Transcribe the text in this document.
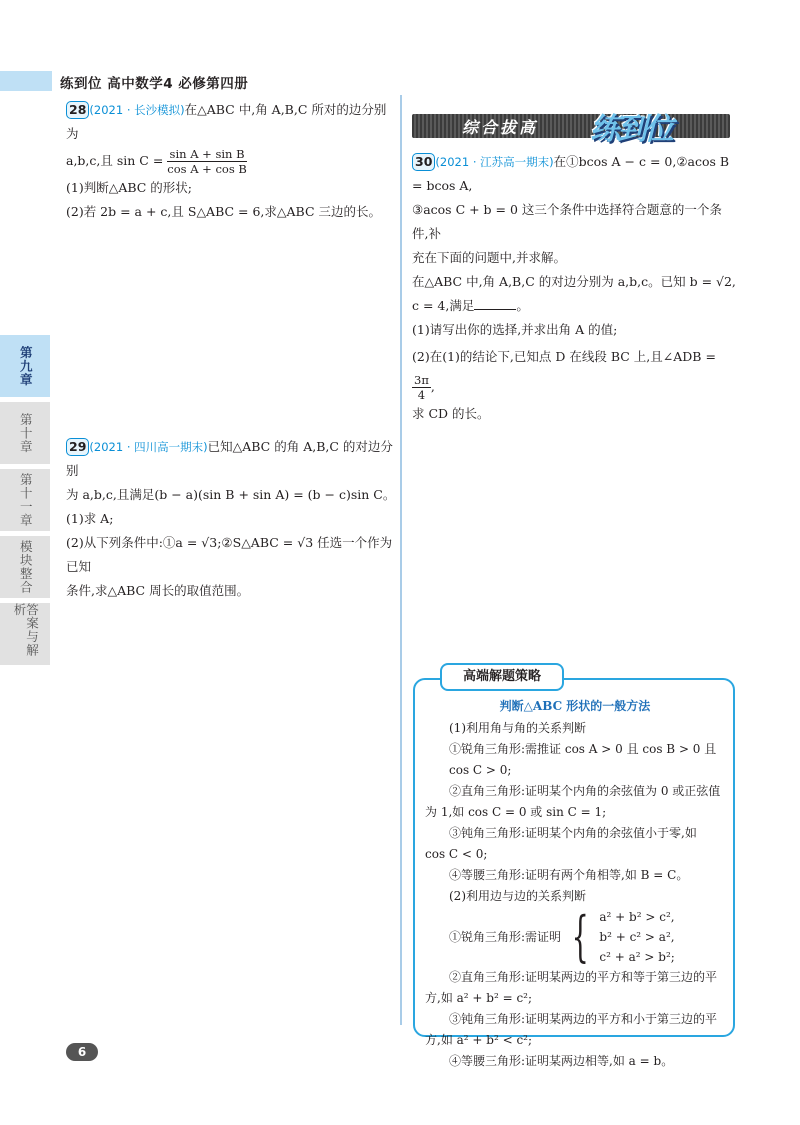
练到位 高中数学4 必修第四册
第九章
第十章
第十一章
模块整合
答案与解析

28 (2021 · 长沙模拟)在△ABC 中,角 A,B,C 所对的边分别为

a,b,c,且 $\sin C = \frac{\text{sin A + sin B}}{\text{cos A + cos B}}$

(1)判断△ABC 的形状;

(2)若 2b = a + c,且 S△ABC = 6,求△ABC 三边的长。

29 (2021 · 四川高一期末)已知△ABC 的角 A,B,C 的对边分别

为 a,b,c,且满足(b − a)(sin B + sin A) = (b − c)sin C。

(1)求 A;

(2)从下列条件中:①a = √3;②S△ABC = √3 任选一个作为已知

条件,求△ABC 周长的取值范围。

综合拔高 练到位

30 (2021 · 江苏高一期末)在①bcos A − c = 0,②acos B = bcos A,

③acos C + b = 0 这三个条件中选择符合题意的一个条件,补

充在下面的问题中,并求解。

在△ABC 中,角 A,B,C 的对边分别为 a,b,c。已知 b = √2,

c = 4,满足	。

(1)请写出你的选择,并求出角 A 的值;

(2)在(1)的结论下,已知点 D 在线段 BC 上,且∠ADB =
$\frac{3\pi}{4}$ ,

求 CD 的长。

高端解题策略

判断△ABC 形状的一般方法

(1)利用角与角的关系判断

①锐角三角形:需推证 cos A > 0 且 cos B > 0 且 cos C > 0;

②直角三角形:证明某个内角的余弦值为 0 或正弦值

为 1,如 cos C = 0 或 sin C = 1;

③钝角三角形:证明某个内角的余弦值小于零,如

cos C < 0;

④等腰三角形:证明有两个角相等,如 B = C。

(2)利用边与边的关系判断

①锐角三角形:需证明 { a² + b² > c²,
b² + c² > a²,
c² + a² > b²;

②直角三角形:证明某两边的平方和等于第三边的平

方,如 a² + b² = c²;

③钝角三角形:证明某两边的平方和小于第三边的平

方,如 a² + b² < c²;

④等腰三角形:证明某两边相等,如 a = b。

6
